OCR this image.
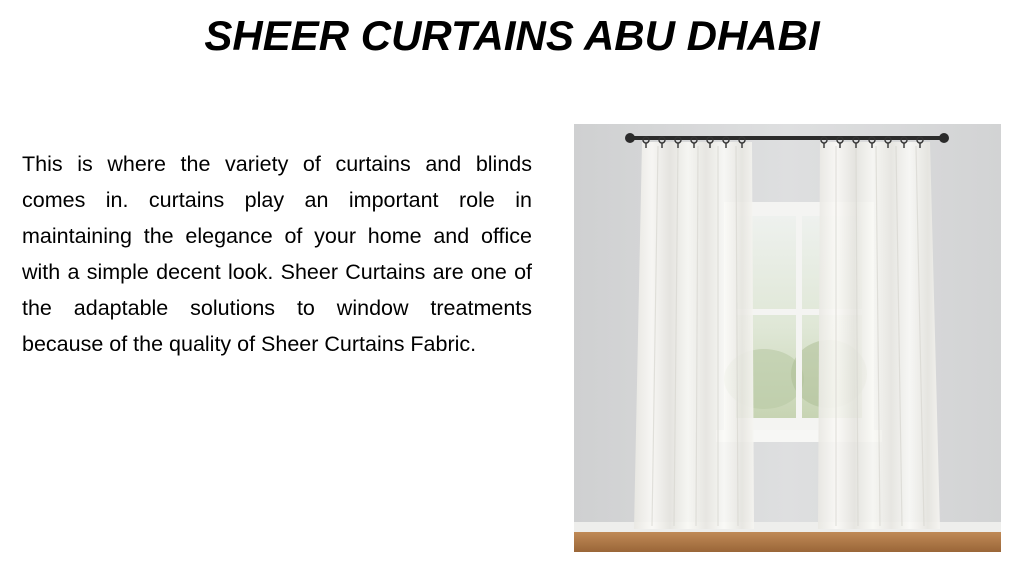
SHEER CURTAINS ABU DHABI

This is where the variety of curtains and blinds comes in. curtains play an important role in maintaining the elegance of your home and office with a simple decent look. Sheer Curtains are one of the adaptable solutions to window treatments because of the quality of Sheer Curtains Fabric.
